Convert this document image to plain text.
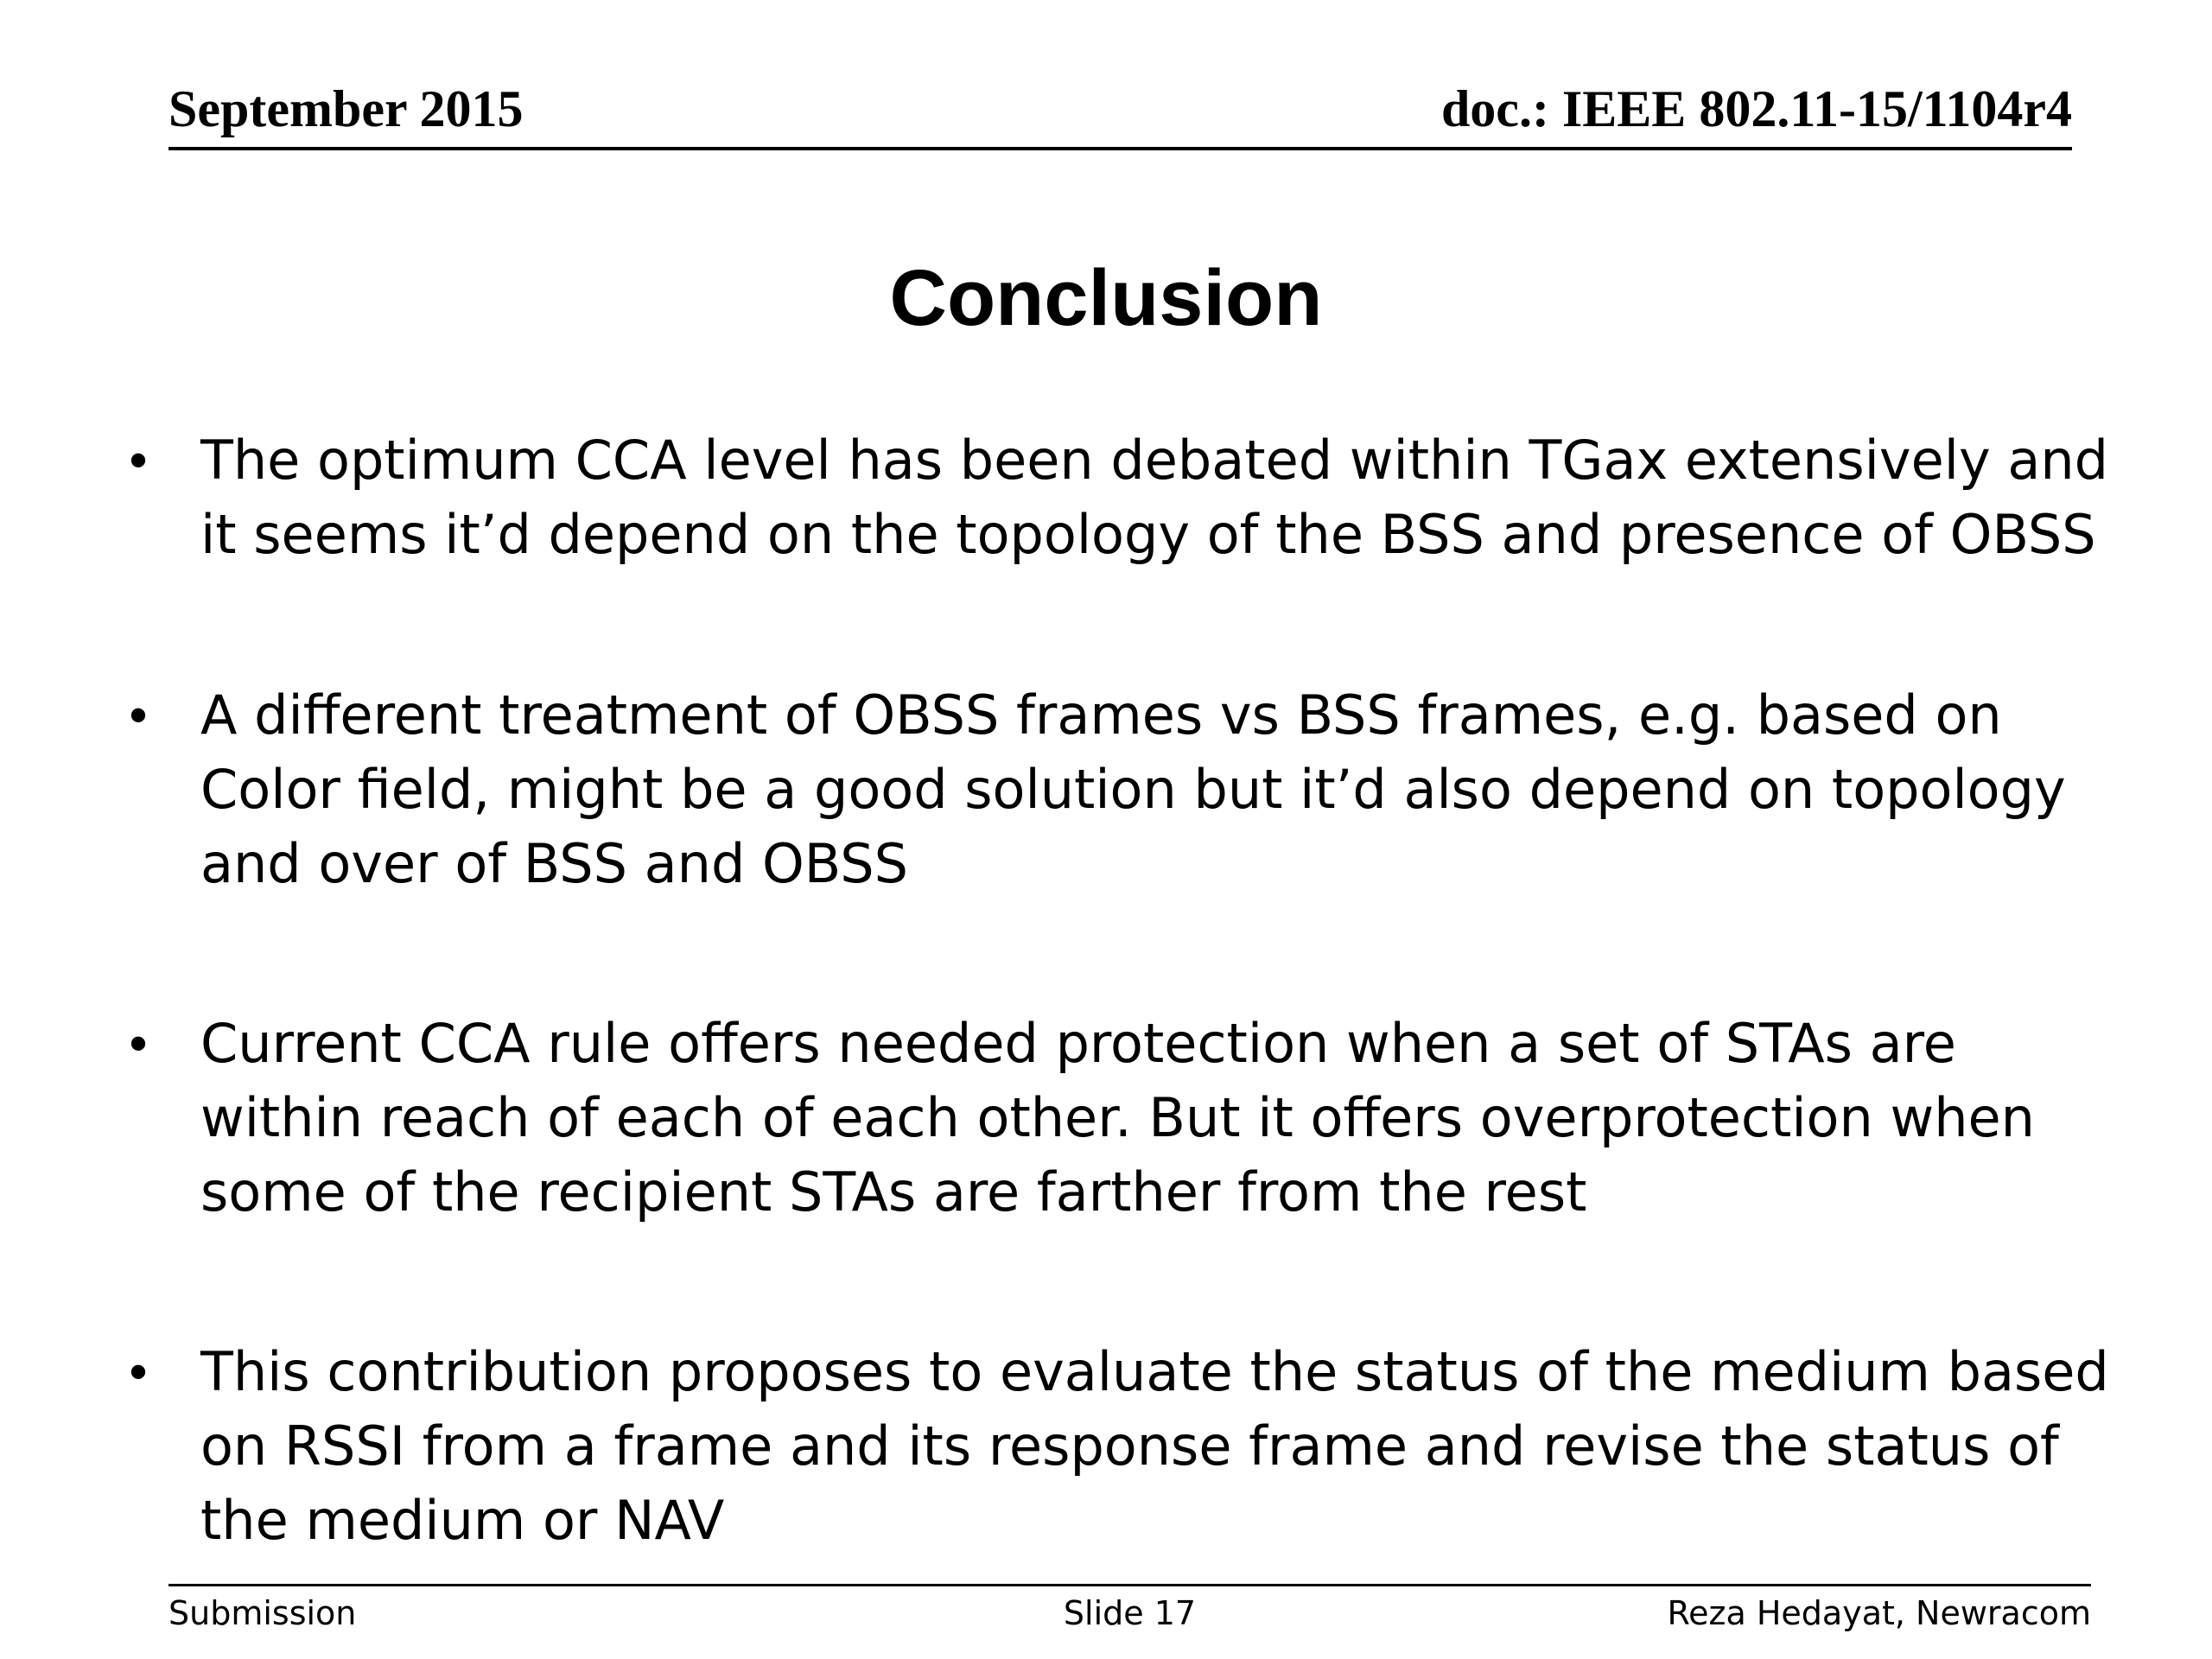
September 2015	doc.: IEEE 802.11-15/1104r4
Conclusion
• The optimum CCA level has been debated within TGax extensively and it seems it’d depend on the topology of the BSS and presence of OBSS
• A different treatment of OBSS frames vs BSS frames, e.g. based on Color field, might be a good solution but it’d also depend on topology and over of BSS and OBSS
• Current CCA rule offers needed protection when a set of STAs are within reach of each of each other. But it offers overprotection when some of the recipient STAs are farther from the rest
• This contribution proposes to evaluate the status of the medium based on RSSI from a frame and its response frame and revise the status of the medium or NAV
Submission	Slide 17	Reza Hedayat, Newracom
